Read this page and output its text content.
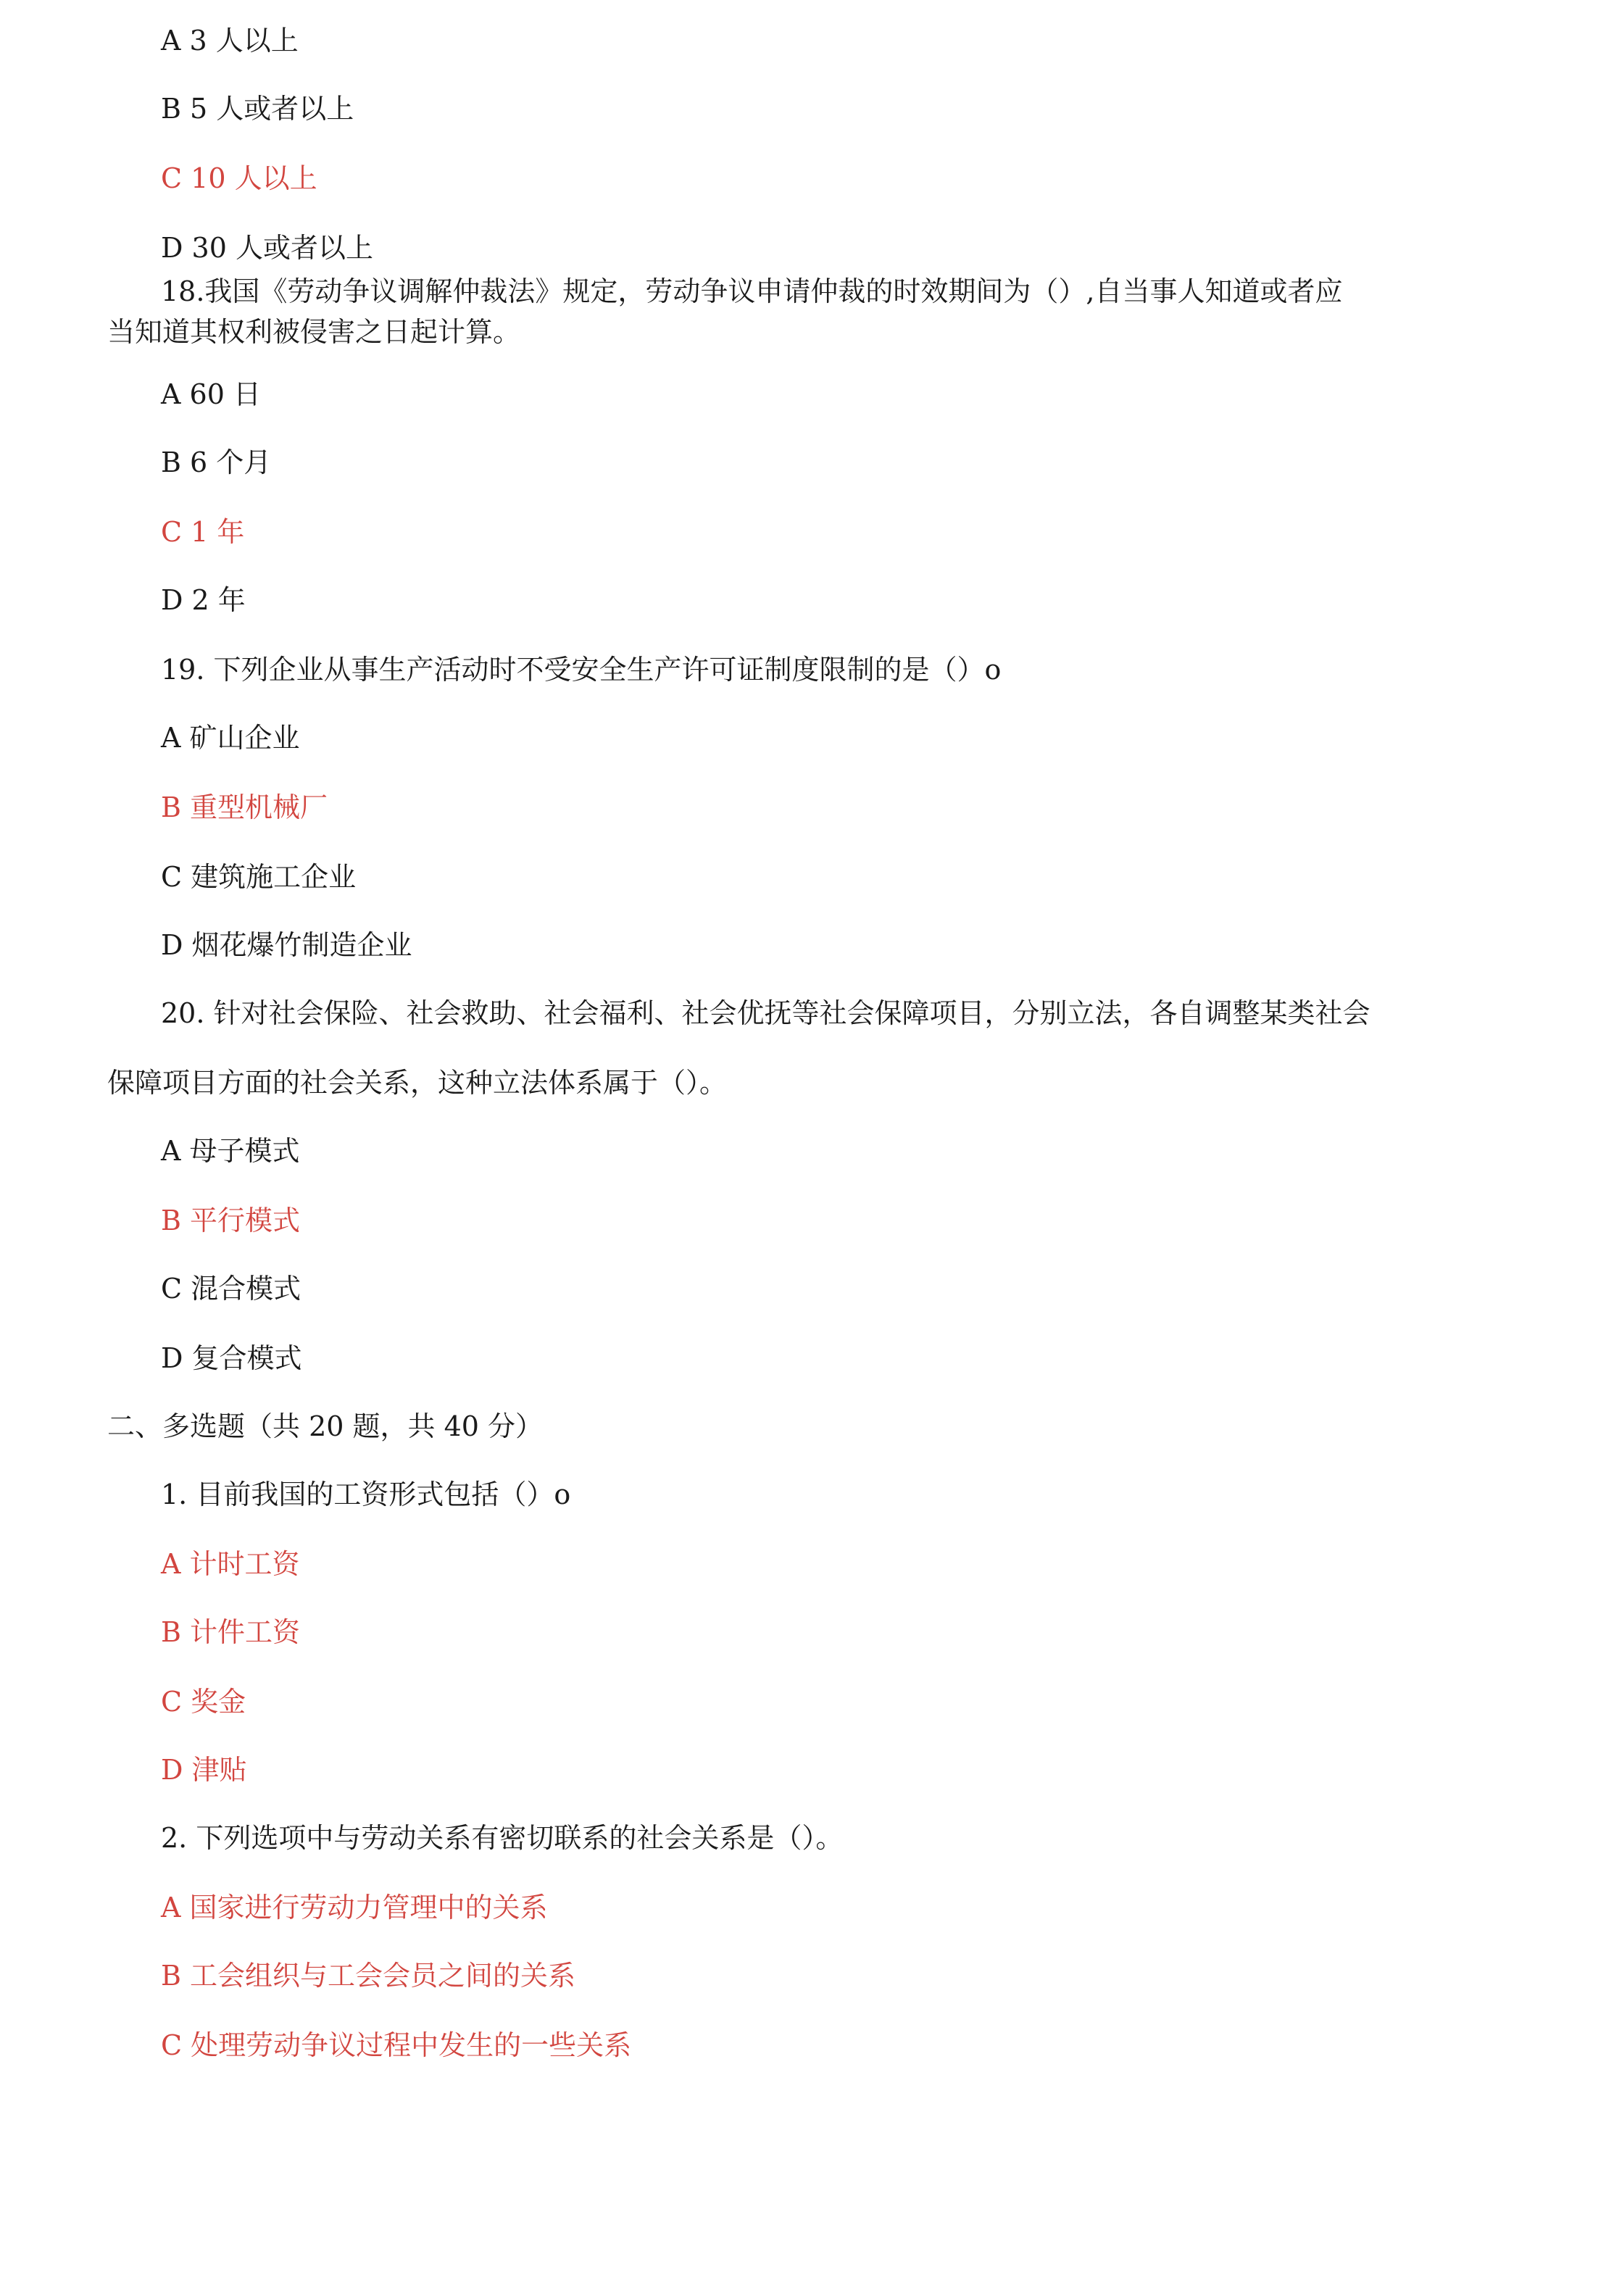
A 3 人以上
B 5 人或者以上
C 10 人以上
D 30 人或者以上
18.我国《劳动争议调解仲裁法》规定，劳动争议申请仲裁的时效期间为（）,自当事人知道或者应
当知道其权利被侵害之日起计算。
A 60 日
B 6 个月
C 1 年
D 2 年
19. 下列企业从事生产活动时不受安全生产许可证制度限制的是（）o
A 矿山企业
B 重型机械厂
C 建筑施工企业
D 烟花爆竹制造企业
20. 针对社会保险、社会救助、社会福利、社会优抚等社会保障项目，分别立法，各自调整某类社会
保障项目方面的社会关系，这种立法体系属于（）。
A 母子模式
B 平行模式
C 混合模式
D 复合模式
二、多选题（共 20 题，共 40 分）
1. 目前我国的工资形式包括（）o
A 计时工资
B 计件工资
C 奖金
D 津贴
2. 下列选项中与劳动关系有密切联系的社会关系是（）。
A 国家进行劳动力管理中的关系
B 工会组织与工会会员之间的关系
C 处理劳动争议过程中发生的一些关系
